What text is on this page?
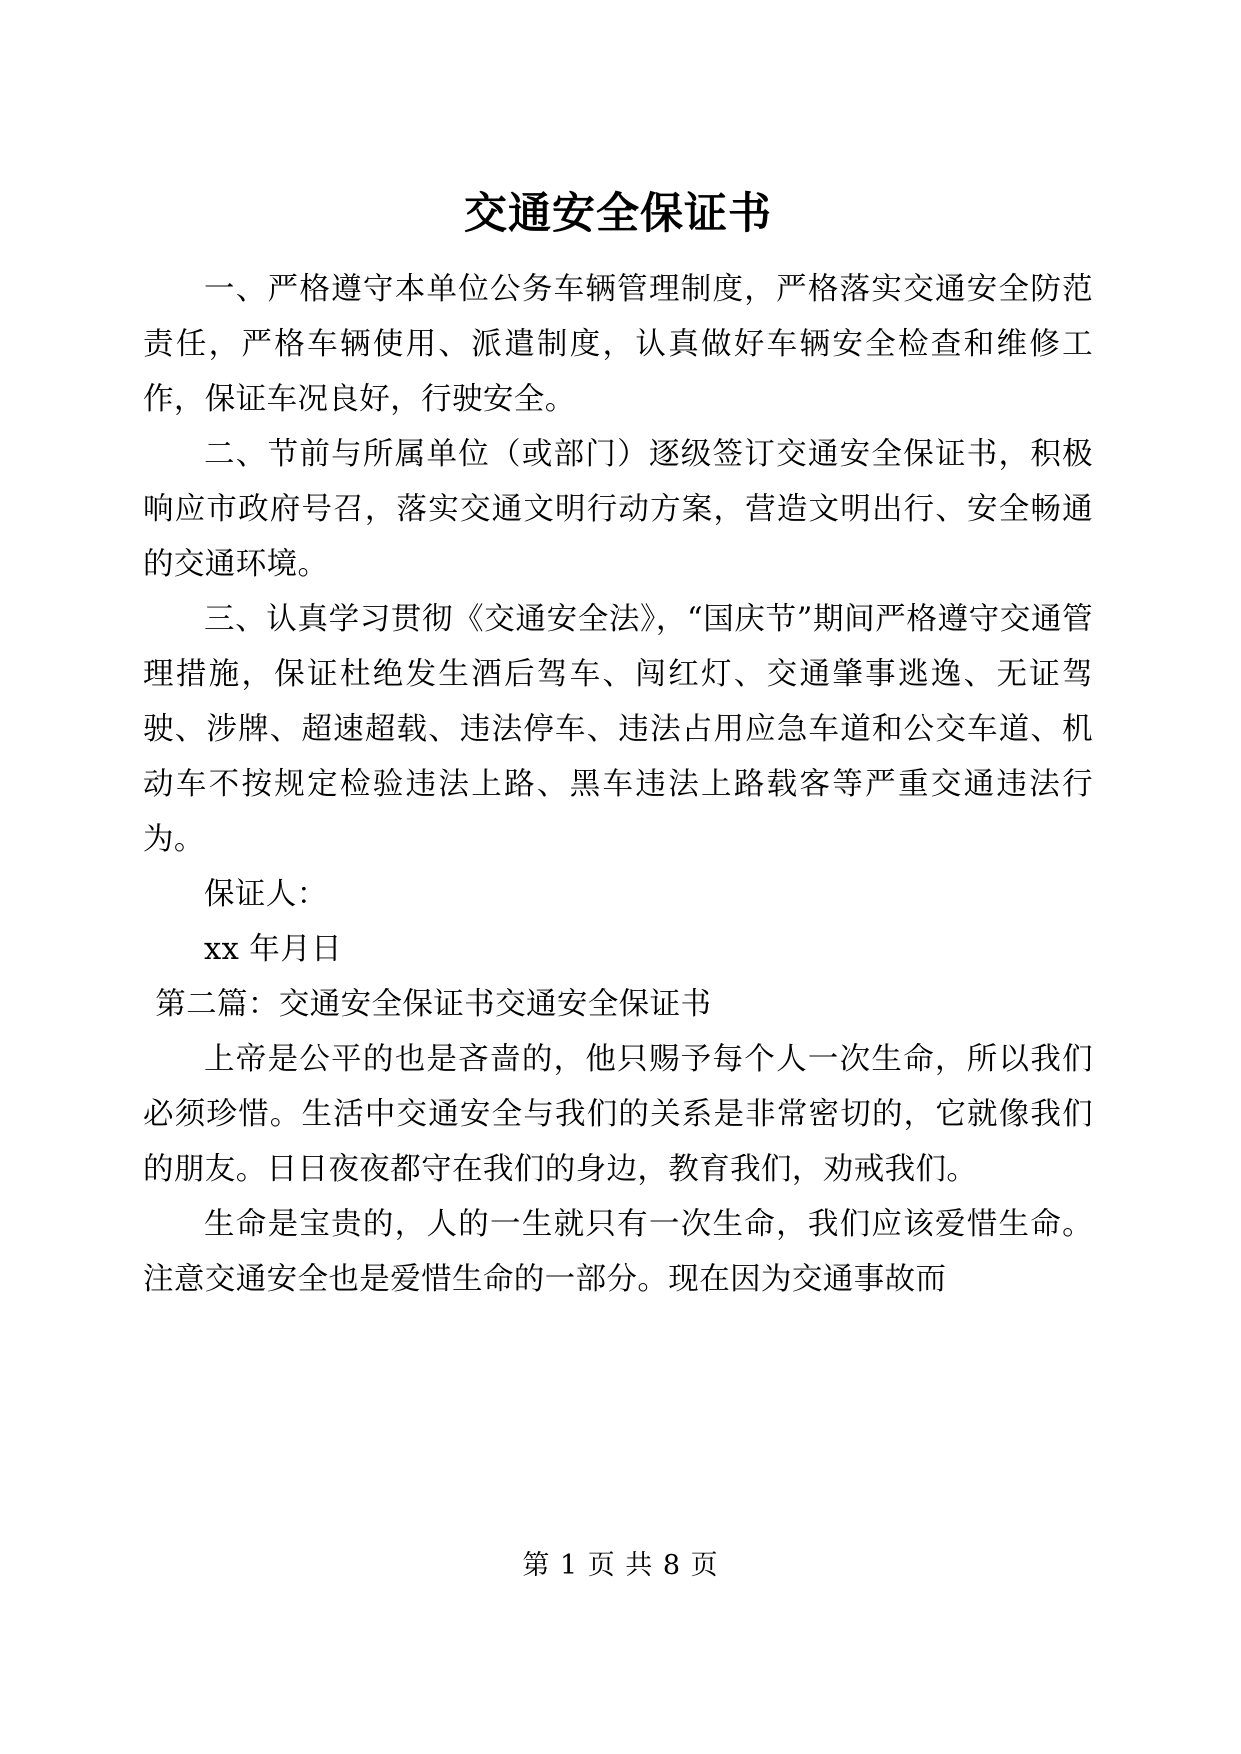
交通安全保证书

一、严格遵守本单位公务车辆管理制度，严格落实交通安全防范责任，严格车辆使用、派遣制度，认真做好车辆安全检查和维修工作，保证车况良好，行驶安全。

二、节前与所属单位（或部门）逐级签订交通安全保证书，积极响应市政府号召，落实交通文明行动方案，营造文明出行、安全畅通的交通环境。

三、认真学习贯彻《交通安全法》，“国庆节”期间严格遵守交通管理措施，保证杜绝发生酒后驾车、闯红灯、交通肇事逃逸、无证驾驶、涉牌、超速超载、违法停车、违法占用应急车道和公交车道、机动车不按规定检验违法上路、黑车违法上路载客等严重交通违法行为。

保证人：

xx 年月日

第二篇：交通安全保证书交通安全保证书

上帝是公平的也是吝啬的，他只赐予每个人一次生命，所以我们必须珍惜。生活中交通安全与我们的关系是非常密切的，它就像我们的朋友。日日夜夜都守在我们的身边，教育我们，劝戒我们。

生命是宝贵的，人的一生就只有一次生命，我们应该爱惜生命。注意交通安全也是爱惜生命的一部分。现在因为交通事故而

第 1 页 共 8 页
